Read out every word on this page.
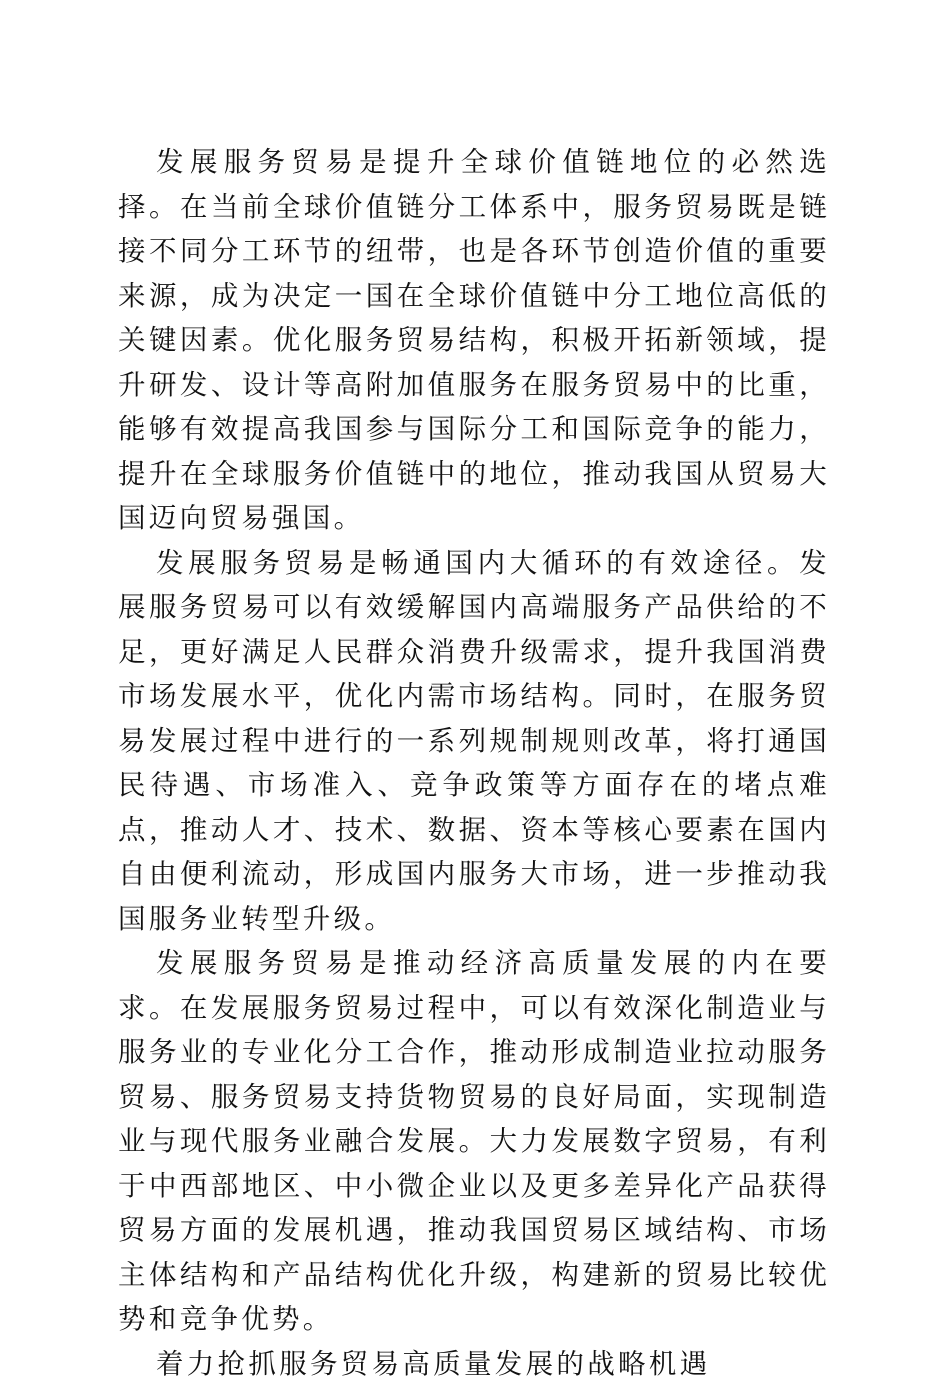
发展服务贸易是提升全球价值链地位的必然选择。在当前全球价值链分工体系中，服务贸易既是链接不同分工环节的纽带，也是各环节创造价值的重要来源，成为决定一国在全球价值链中分工地位高低的关键因素。优化服务贸易结构，积极开拓新领域，提升研发、设计等高附加值服务在服务贸易中的比重，能够有效提高我国参与国际分工和国际竞争的能力，提升在全球服务价值链中的地位，推动我国从贸易大国迈向贸易强国。

发展服务贸易是畅通国内大循环的有效途径。发展服务贸易可以有效缓解国内高端服务产品供给的不足，更好满足人民群众消费升级需求，提升我国消费市场发展水平，优化内需市场结构。同时，在服务贸易发展过程中进行的一系列规制规则改革，将打通国民待遇、市场准入、竞争政策等方面存在的堵点难点，推动人才、技术、数据、资本等核心要素在国内自由便利流动，形成国内服务大市场，进一步推动我国服务业转型升级。

发展服务贸易是推动经济高质量发展的内在要求。在发展服务贸易过程中，可以有效深化制造业与服务业的专业化分工合作，推动形成制造业拉动服务贸易、服务贸易支持货物贸易的良好局面，实现制造业与现代服务业融合发展。大力发展数字贸易，有利于中西部地区、中小微企业以及更多差异化产品获得贸易方面的发展机遇，推动我国贸易区域结构、市场主体结构和产品结构优化升级，构建新的贸易比较优势和竞争优势。

着力抢抓服务贸易高质量发展的战略机遇
